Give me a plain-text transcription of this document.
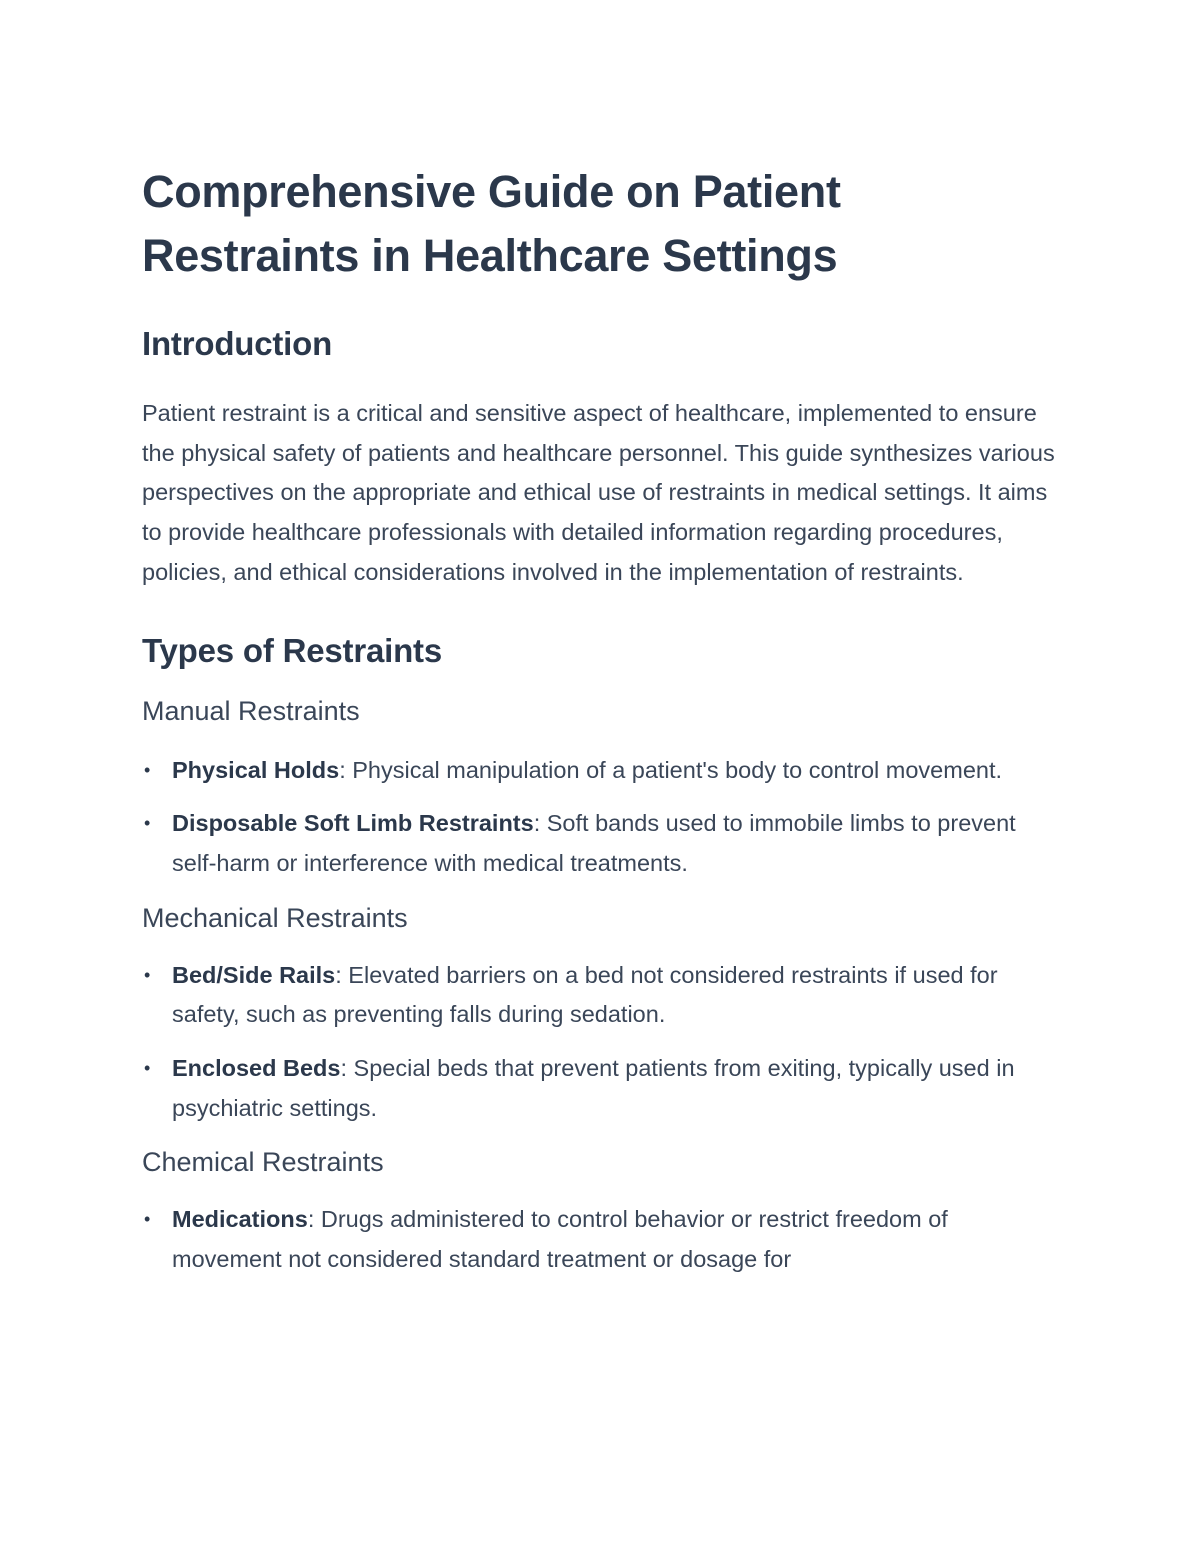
Comprehensive Guide on Patient Restraints in Healthcare Settings
Introduction

Patient restraint is a critical and sensitive aspect of healthcare, implemented to ensure the physical safety of patients and healthcare personnel. This guide synthesizes various perspectives on the appropriate and ethical use of restraints in medical settings. It aims to provide healthcare professionals with detailed information regarding procedures, policies, and ethical considerations involved in the implementation of restraints.

Types of Restraints
Manual Restraints
• Physical Holds: Physical manipulation of a patient's body to control movement.
• Disposable Soft Limb Restraints: Soft bands used to immobile limbs to prevent self-harm or interference with medical treatments.
Mechanical Restraints
• Bed/Side Rails: Elevated barriers on a bed not considered restraints if used for safety, such as preventing falls during sedation.
• Enclosed Beds: Special beds that prevent patients from exiting, typically used in psychiatric settings.
Chemical Restraints
• Medications: Drugs administered to control behavior or restrict freedom of movement not considered standard treatment or dosage for
